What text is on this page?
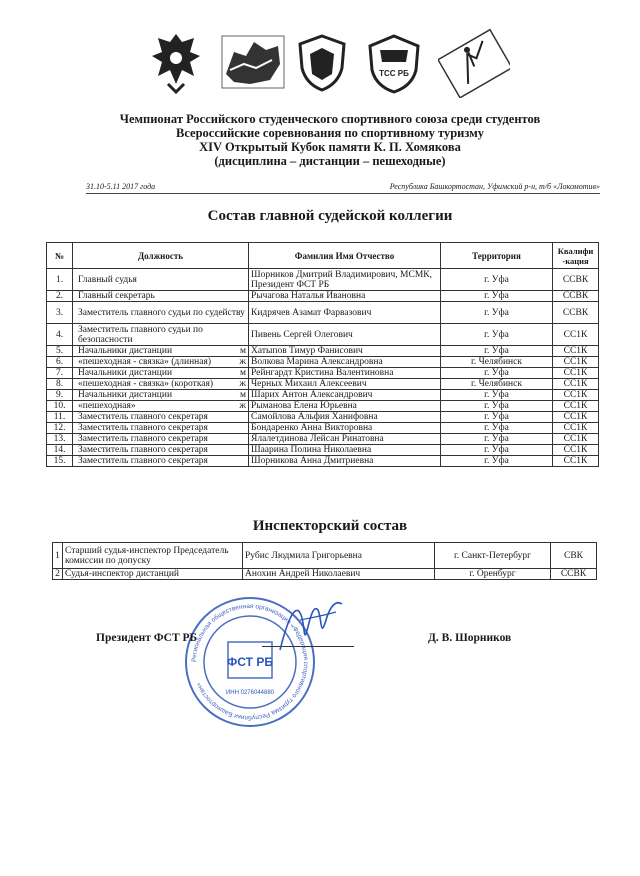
ТСС РБ
Чемпионат Российского студенческого спортивного союза среди студентов
Всероссийские соревнования по спортивному туризму
XIV Открытый Кубок памяти К. П. Хомякова
(дисциплина – дистанции – пешеходные)
31.10-5.11 2017 года	Республика Башкортостан, Уфимский р-н, т/б «Локомотив»
Состав главной судейской коллегии
№	Должность	Фамилия Имя Отчество	Территория	Квалифи
-кация
1.	Главный судья	Шорников Дмитрий Владимирович, МСМК, Президент ФСТ РБ	г. Уфа	ССВК
2.	Главный секретарь	Рычагова Наталья Ивановна	г. Уфа	ССВК
3.	Заместитель главного судьи по судейству	Кидрячев Азамат Фарвазович	г. Уфа	ССВК
4.	Заместитель главного судьи по безопасности	Пивень Сергей Олегович	г. Уфа	СС1К
5.	Начальники дистанции м	Хатыпов Тимур Фанисович	г. Уфа	СС1К
6.	«пешеходная - связка» (длинная) ж	Волкова Марина Александровна	г. Челябинск	СС1К
7.	Начальники дистанции м	Рейнгардт Кристина Валентиновна	г. Уфа	СС1К
8.	«пешеходная - связка» (короткая) ж	Черных Михаил Алексеевич	г. Челябинск	СС1К
9.	Начальники дистанции м	Шарих Антон Александрович	г. Уфа	СС1К
10.	«пешеходная» ж	Рыманова Елена Юрьевна	г. Уфа	СС1К
11.	Заместитель главного секретаря	Самойлова Альфия Ханифовна	г. Уфа	СС1К
12.	Заместитель главного секретаря	Бондаренко Анна Викторовна	г. Уфа	СС1К
13.	Заместитель главного секретаря	Ялалетдинова Лейсан Ринатовна	г. Уфа	СС1К
14.	Заместитель главного секретаря	Шаарина Полина Николаевна	г. Уфа	СС1К
15.	Заместитель главного секретаря	Шорникова Анна Дмитриевна	г. Уфа	СС1К
Инспекторский состав
1	Старший судья-инспектор Председатель комиссии по допуску	Рубис Людмила Григорьевна	г. Санкт-Петербург	СВК
2	Судья-инспектор дистанций	Анохин Андрей Николаевич	г. Оренбург	ССВК
Региональная общественная организация «Федерация спортивного туризма Республики Башкортостан»
ФСТ РБ
ИНН 0276044880
Президент ФСТ РБ	Д. В. Шорников
